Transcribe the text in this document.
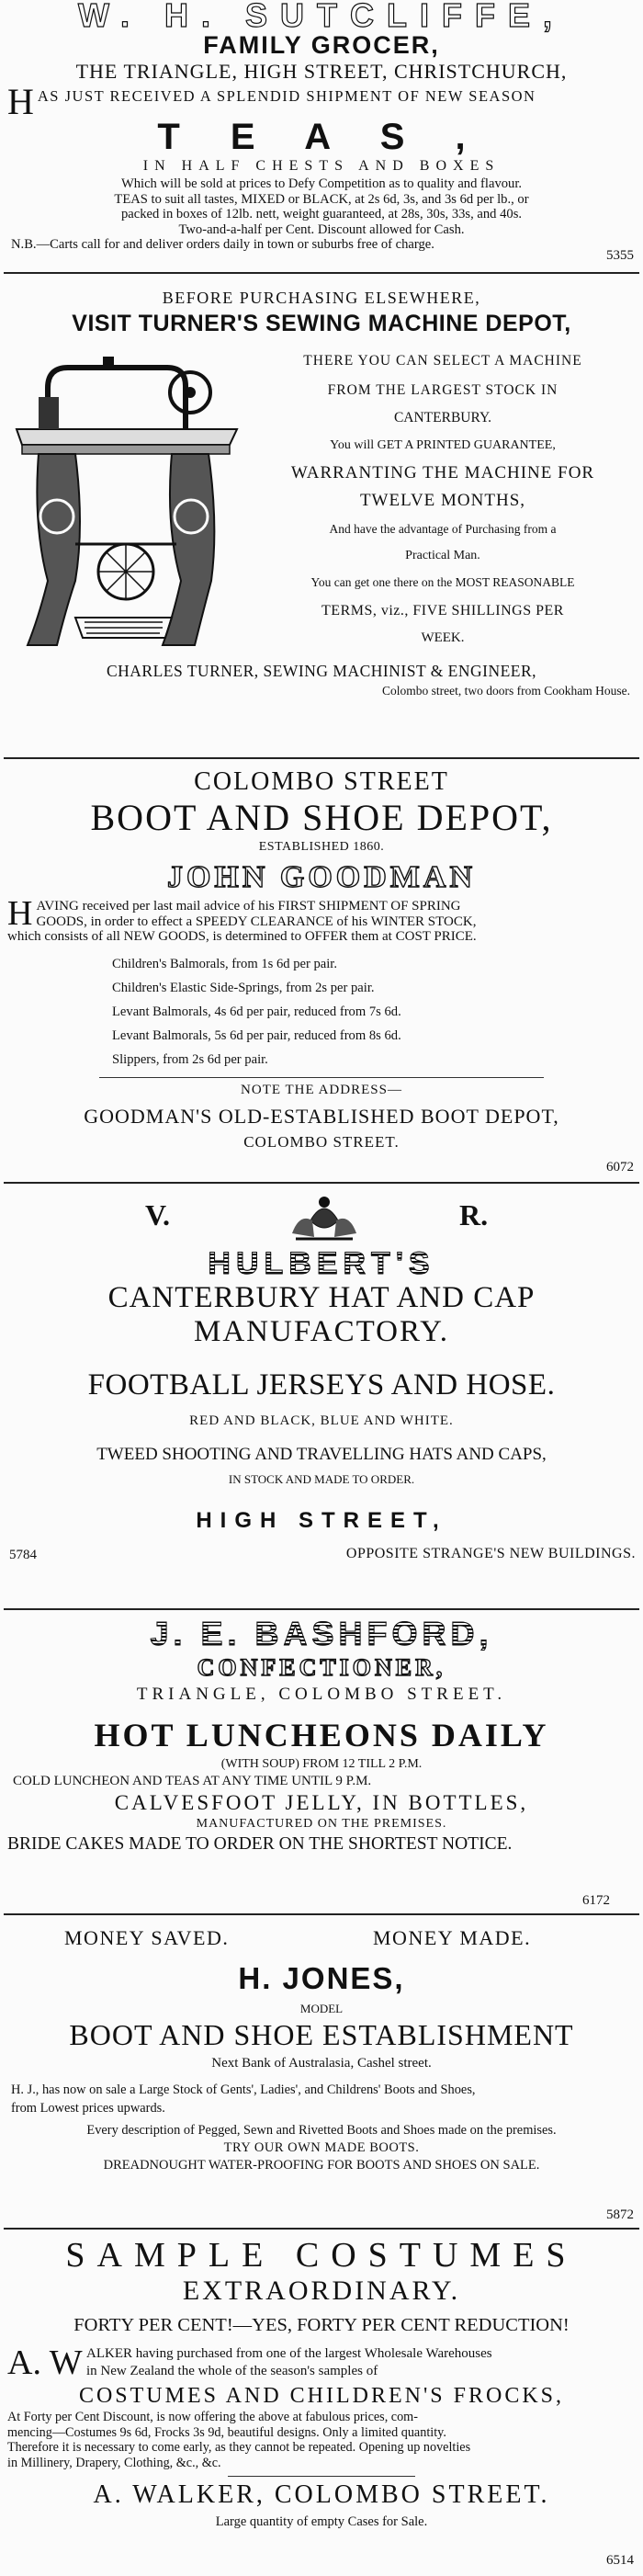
W. H. SUTCLIFFE,
FAMILY GROCER,
THE TRIANGLE, HIGH STREET, CHRISTCHURCH,
H AS JUST RECEIVED A SPLENDID SHIPMENT OF NEW SEASON
T E A S ,
IN HALF CHESTS AND BOXES
Which will be sold at prices to Defy Competition as to quality and flavour.
TEAS to suit all tastes, MIXED or BLACK, at 2s 6d, 3s, and 3s 6d per lb., or
packed in boxes of 12lb. nett, weight guaranteed, at 28s, 30s, 33s, and 40s.
Two-and-a-half per Cent. Discount allowed for Cash.
N.B.—Carts call for and deliver orders daily in town or suburbs free of charge.
5355
BEFORE PURCHASING ELSEWHERE,
VISIT TURNER'S SEWING MACHINE DEPOT,
THERE YOU CAN SELECT A MACHINE
FROM THE LARGEST STOCK IN
CANTERBURY.
You will GET A PRINTED GUARANTEE,
WARRANTING THE MACHINE FOR
TWELVE MONTHS,
And have the advantage of Purchasing from a
Practical Man.
You can get one there on the MOST REASONABLE
TERMS, viz., FIVE SHILLINGS PER
WEEK.
CHARLES TURNER, SEWING MACHINIST & ENGINEER,
Colombo street, two doors from Cookham House.
COLOMBO STREET
BOOT AND SHOE DEPOT,
ESTABLISHED 1860.
JOHN GOODMAN
H AVING received per last mail advice of his FIRST SHIPMENT OF SPRING
GOODS, in order to effect a SPEEDY CLEARANCE of his WINTER STOCK,
which consists of all NEW GOODS, is determined to OFFER them at COST PRICE.
Children's Balmorals, from 1s 6d per pair.
Children's Elastic Side-Springs, from 2s per pair.
Levant Balmorals, 4s 6d per pair, reduced from 7s 6d.
Levant Balmorals, 5s 6d per pair, reduced from 8s 6d.
Slippers, from 2s 6d per pair.
NOTE THE ADDRESS—
GOODMAN'S OLD-ESTABLISHED BOOT DEPOT,
COLOMBO STREET.
6072
V.	R.
HULBERT'S
CANTERBURY HAT AND CAP
MANUFACTORY.
FOOTBALL JERSEYS AND HOSE.
RED AND BLACK, BLUE AND WHITE.
TWEED SHOOTING AND TRAVELLING HATS AND CAPS,
IN STOCK AND MADE TO ORDER.
HIGH STREET,
5784	OPPOSITE STRANGE'S NEW BUILDINGS.
J. E. BASHFORD,
CONFECTIONER,
TRIANGLE, COLOMBO STREET.
HOT LUNCHEONS DAILY
(WITH SOUP) FROM 12 TILL 2 P.M.
COLD LUNCHEON AND TEAS AT ANY TIME UNTIL 9 P.M.
CALVESFOOT JELLY, IN BOTTLES,
MANUFACTURED ON THE PREMISES.
BRIDE CAKES MADE TO ORDER ON THE SHORTEST NOTICE.
6172
MONEY SAVED.	MONEY MADE.
H. JONES,
MODEL
BOOT AND SHOE ESTABLISHMENT
Next Bank of Australasia, Cashel street.
H. J., has now on sale a Large Stock of Gents', Ladies', and Childrens' Boots and Shoes,
from Lowest prices upwards.
Every description of Pegged, Sewn and Rivetted Boots and Shoes made on the premises.
TRY OUR OWN MADE BOOTS.
DREADNOUGHT WATER-PROOFING FOR BOOTS AND SHOES ON SALE.
5872
SAMPLE COSTUMES
EXTRAORDINARY.
FORTY PER CENT!—YES, FORTY PER CENT REDUCTION!
A. W ALKER having purchased from one of the largest Wholesale Warehouses
in New Zealand the whole of the season's samples of
COSTUMES AND CHILDREN'S FROCKS,
At Forty per Cent Discount, is now offering the above at fabulous prices, com-
mencing—Costumes 9s 6d, Frocks 3s 9d, beautiful designs. Only a limited quantity.
Therefore it is necessary to come early, as they cannot be repeated. Opening up novelties
in Millinery, Drapery, Clothing, &c., &c.
A. WALKER, COLOMBO STREET.
Large quantity of empty Cases for Sale.
6514
